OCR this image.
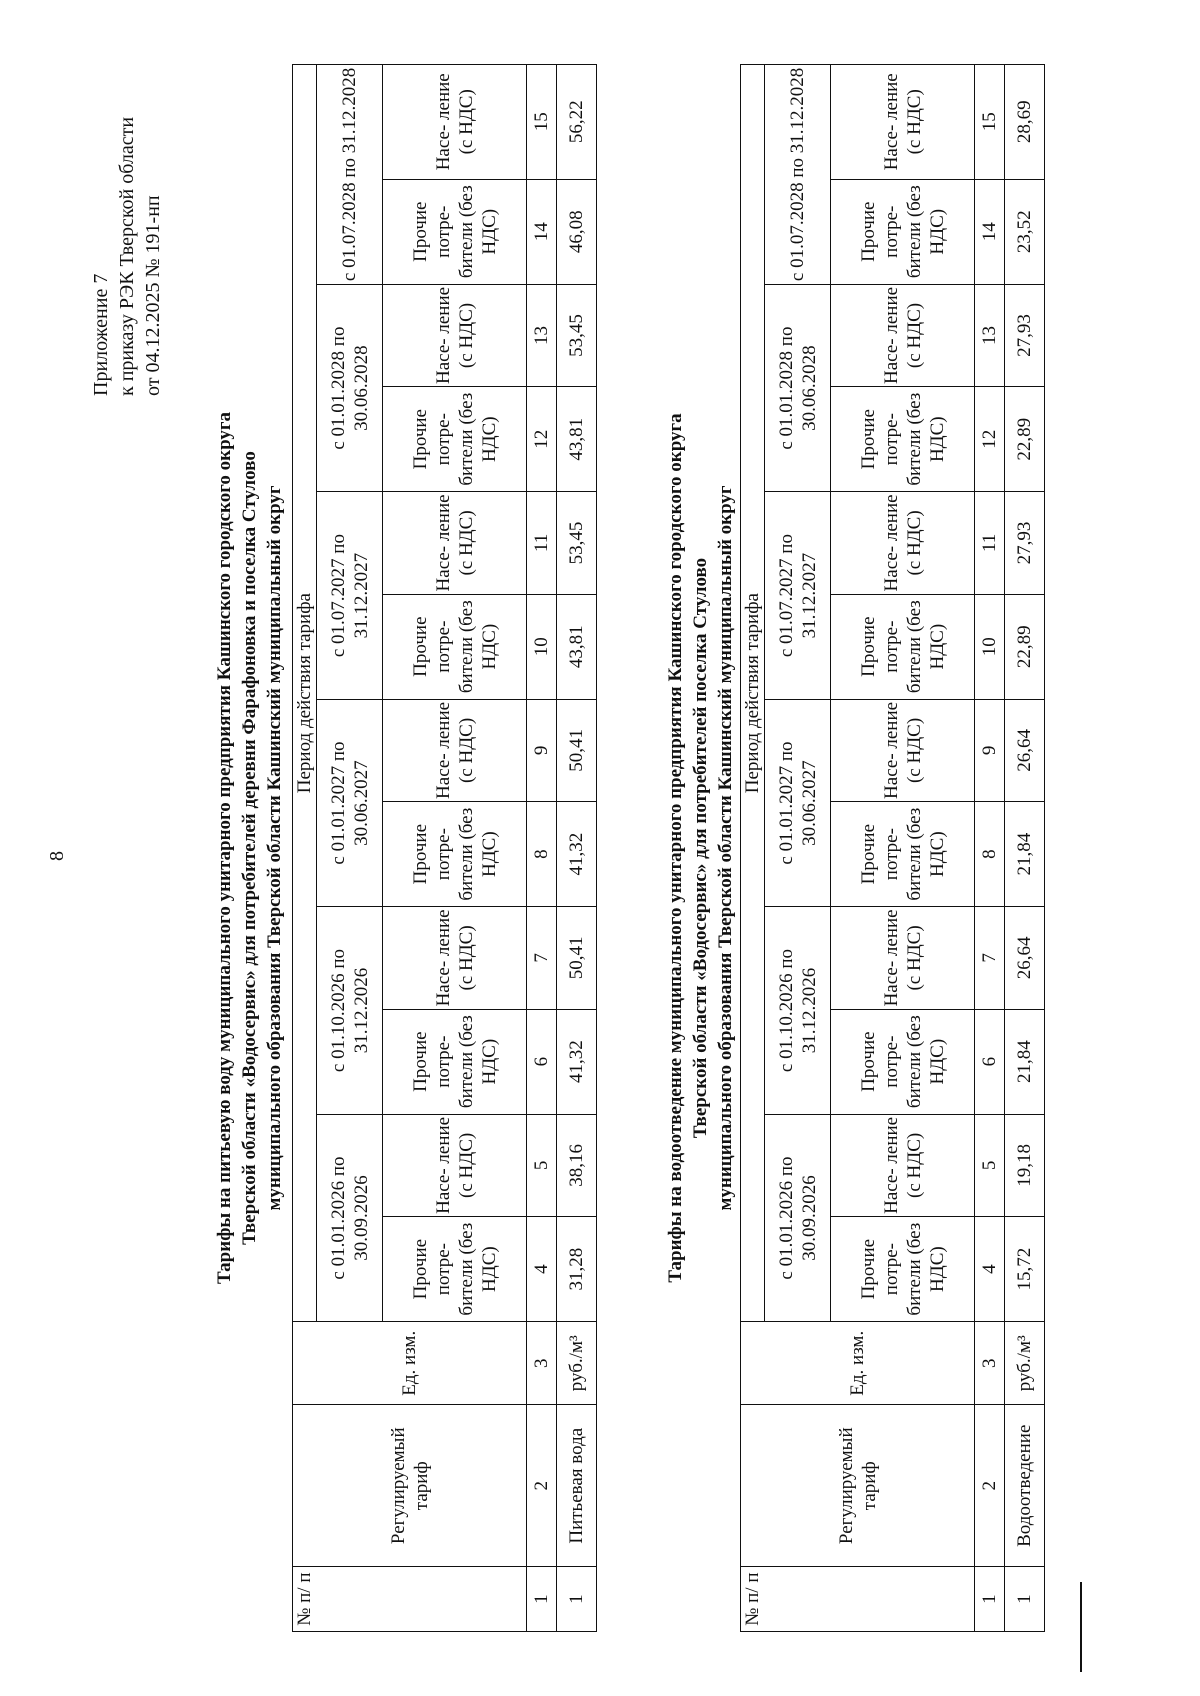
8
Приложение 7 к приказу РЭК Тверской области от 04.12.2025 № 191-нп
Тарифы на питьевую воду муниципального унитарного предприятия Кашинского городского округа Тверской области «Водосервис» для потребителей деревни Фарафоновка и поселка Стулово муниципального образования Тверской области Кашинский муниципальный округ
№ п/ п	Регулируемый тариф	Ед. изм.	Период действия тарифа											
			с 01.01.2026 по 30.09.2026		с 01.10.2026 по 31.12.2026		с 01.01.2027 по 30.06.2027		с 01.07.2027 по 31.12.2027		с 01.01.2028 по 30.06.2028		с 01.07.2028 по 31.12.2028	
			Прочие потре- бители (без НДС)	Насе- ление (с НДС)	Прочие потре- бители (без НДС)	Насе- ление (с НДС)	Прочие потре- бители (без НДС)	Насе- ление (с НДС)	Прочие потре- бители (без НДС)	Насе- ление (с НДС)	Прочие потре- бители (без НДС)	Насе- ление (с НДС)	Прочие потре- бители (без НДС)	Насе- ление (с НДС)
1	2	3	4	5	6	7	8	9	10	11	12	13	14	15
1	Питьевая вода	руб./м³	31,28	38,16	41,32	50,41	41,32	50,41	43,81	53,45	43,81	53,45	46,08	56,22
Тарифы на водоотведение муниципального унитарного предприятия Кашинского городского округа Тверской области «Водосервис» для потребителей поселка Стулово муниципального образования Тверской области Кашинский муниципальный округ
№ п/ п	Регулируемый тариф	Ед. изм.	Период действия тарифа											
			с 01.01.2026 по 30.09.2026		с 01.10.2026 по 31.12.2026		с 01.01.2027 по 30.06.2027		с 01.07.2027 по 31.12.2027		с 01.01.2028 по 30.06.2028		с 01.07.2028 по 31.12.2028	
			Прочие потре- бители (без НДС)	Насе- ление (с НДС)	Прочие потре- бители (без НДС)	Насе- ление (с НДС)	Прочие потре- бители (без НДС)	Насе- ление (с НДС)	Прочие потре- бители (без НДС)	Насе- ление (с НДС)	Прочие потре- бители (без НДС)	Насе- ление (с НДС)	Прочие потре- бители (без НДС)	Насе- ление (с НДС)
1	2	3	4	5	6	7	8	9	10	11	12	13	14	15
1	Водоотведение	руб./м³	15,72	19,18	21,84	26,64	21,84	26,64	22,89	27,93	22,89	27,93	23,52	28,69
